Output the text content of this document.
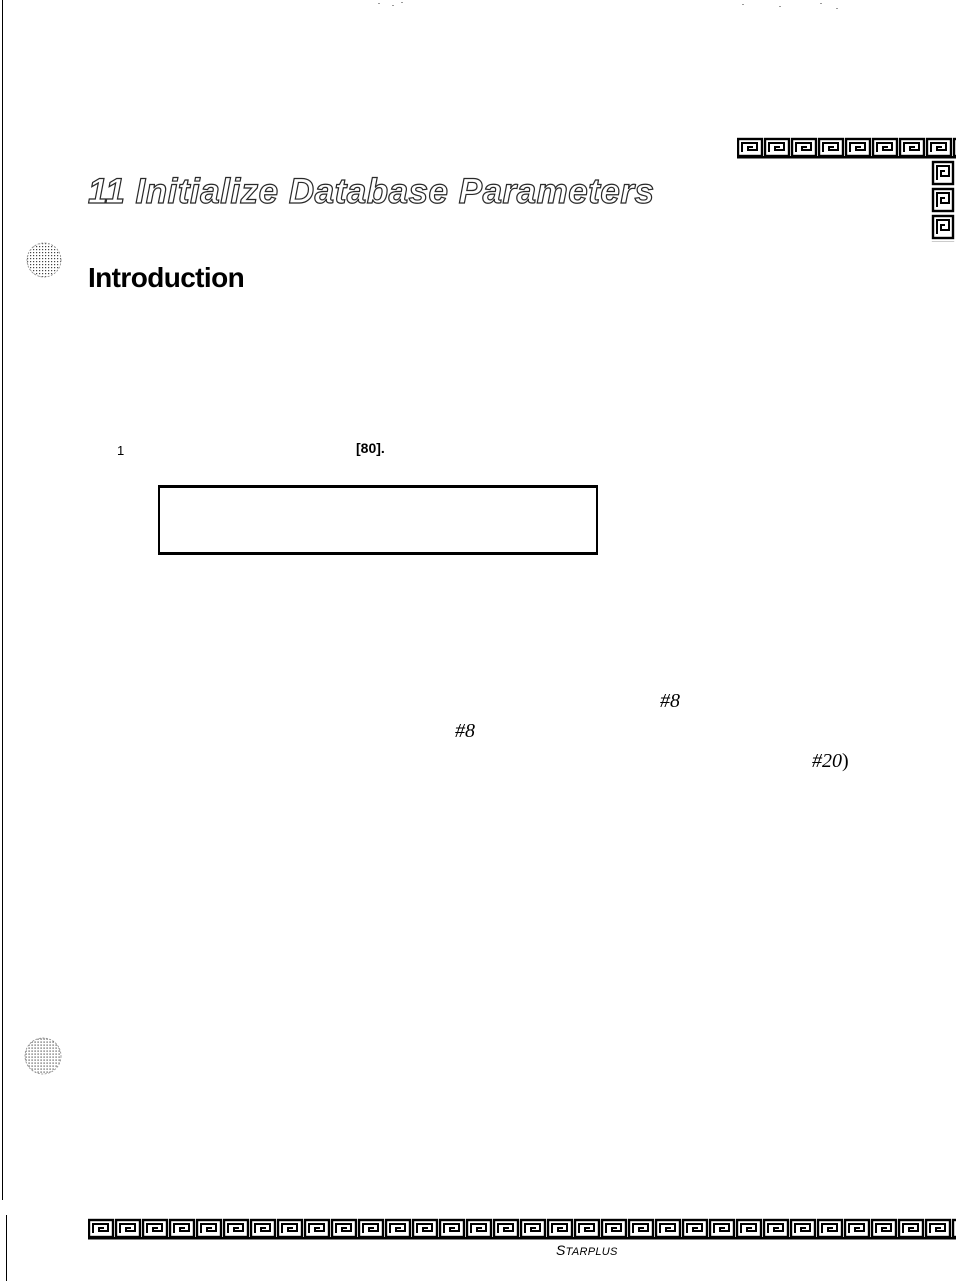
11 Initialize Database Parameters
Introduction
1	[80].
#8
#8
#20)
STARPLUS
